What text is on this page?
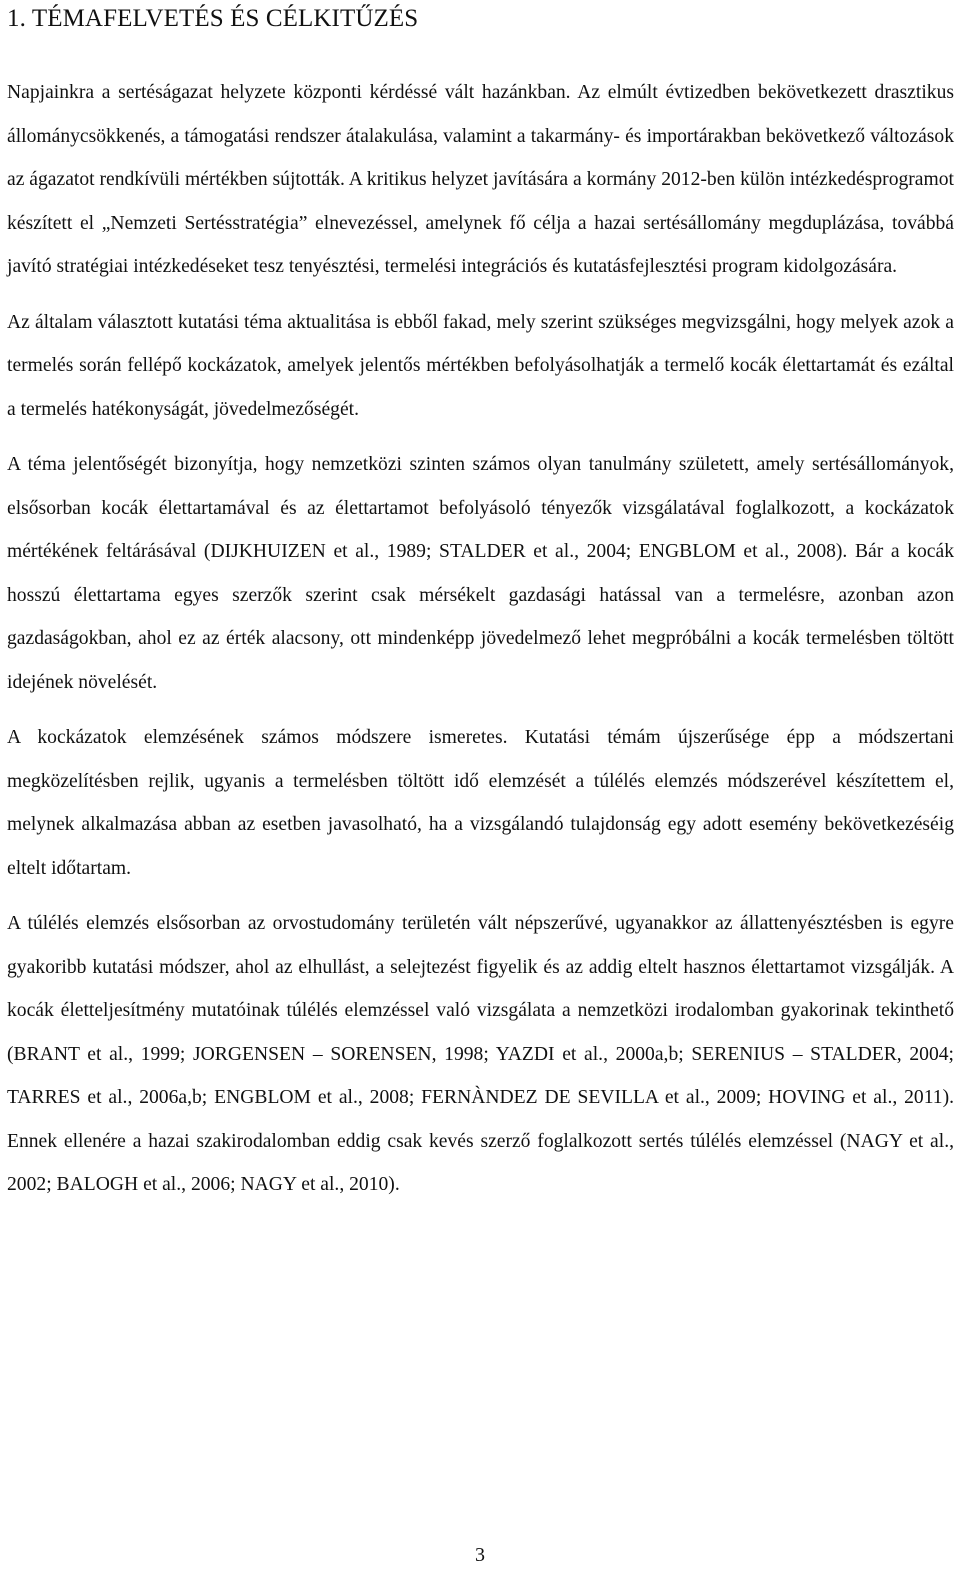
1. TÉMAFELVETÉS ÉS CÉLKITŰZÉS

Napjainkra a sertéságazat helyzete központi kérdéssé vált hazánkban. Az elmúlt évtizedben bekövetkezett drasztikus állománycsökkenés, a támogatási rendszer átalakulása, valamint a takarmány- és importárakban bekövetkező változások az ágazatot rendkívüli mértékben sújtották. A kritikus helyzet javítására a kormány 2012-ben külön intézkedésprogramot készített el „Nemzeti Sertésstratégia” elnevezéssel, amelynek fő célja a hazai sertésállomány megduplázása, továbbá javító stratégiai intézkedéseket tesz tenyésztési, termelési integrációs és kutatásfejlesztési program kidolgozására.

Az általam választott kutatási téma aktualitása is ebből fakad, mely szerint szükséges megvizsgálni, hogy melyek azok a termelés során fellépő kockázatok, amelyek jelentős mértékben befolyásolhatják a termelő kocák élettartamát és ezáltal a termelés hatékonyságát, jövedelmezőségét.

A téma jelentőségét bizonyítja, hogy nemzetközi szinten számos olyan tanulmány született, amely sertésállományok, elsősorban kocák élettartamával és az élettartamot befolyásoló tényezők vizsgálatával foglalkozott, a kockázatok mértékének feltárásával (DIJKHUIZEN et al., 1989; STALDER et al., 2004; ENGBLOM et al., 2008). Bár a kocák hosszú élettartama egyes szerzők szerint csak mérsékelt gazdasági hatással van a termelésre, azonban azon gazdaságokban, ahol ez az érték alacsony, ott mindenképp jövedelmező lehet megpróbálni a kocák termelésben töltött idejének növelését.

A kockázatok elemzésének számos módszere ismeretes. Kutatási témám újszerűsége épp a módszertani megközelítésben rejlik, ugyanis a termelésben töltött idő elemzését a túlélés elemzés módszerével készítettem el, melynek alkalmazása abban az esetben javasolható, ha a vizsgálandó tulajdonság egy adott esemény bekövetkezéséig eltelt időtartam.

A túlélés elemzés elsősorban az orvostudomány területén vált népszerűvé, ugyanakkor az állattenyésztésben is egyre gyakoribb kutatási módszer, ahol az elhullást, a selejtezést figyelik és az addig eltelt hasznos élettartamot vizsgálják. A kocák életteljesítmény mutatóinak túlélés elemzéssel való vizsgálata a nemzetközi irodalomban gyakorinak tekinthető (BRANT et al., 1999; JORGENSEN – SORENSEN, 1998; YAZDI et al., 2000a,b; SERENIUS – STALDER, 2004; TARRES et al., 2006a,b; ENGBLOM et al., 2008; FERNÀNDEZ DE SEVILLA et al., 2009; HOVING et al., 2011). Ennek ellenére a hazai szakirodalomban eddig csak kevés szerző foglalkozott sertés túlélés elemzéssel (NAGY et al., 2002; BALOGH et al., 2006; NAGY et al., 2010).

3
